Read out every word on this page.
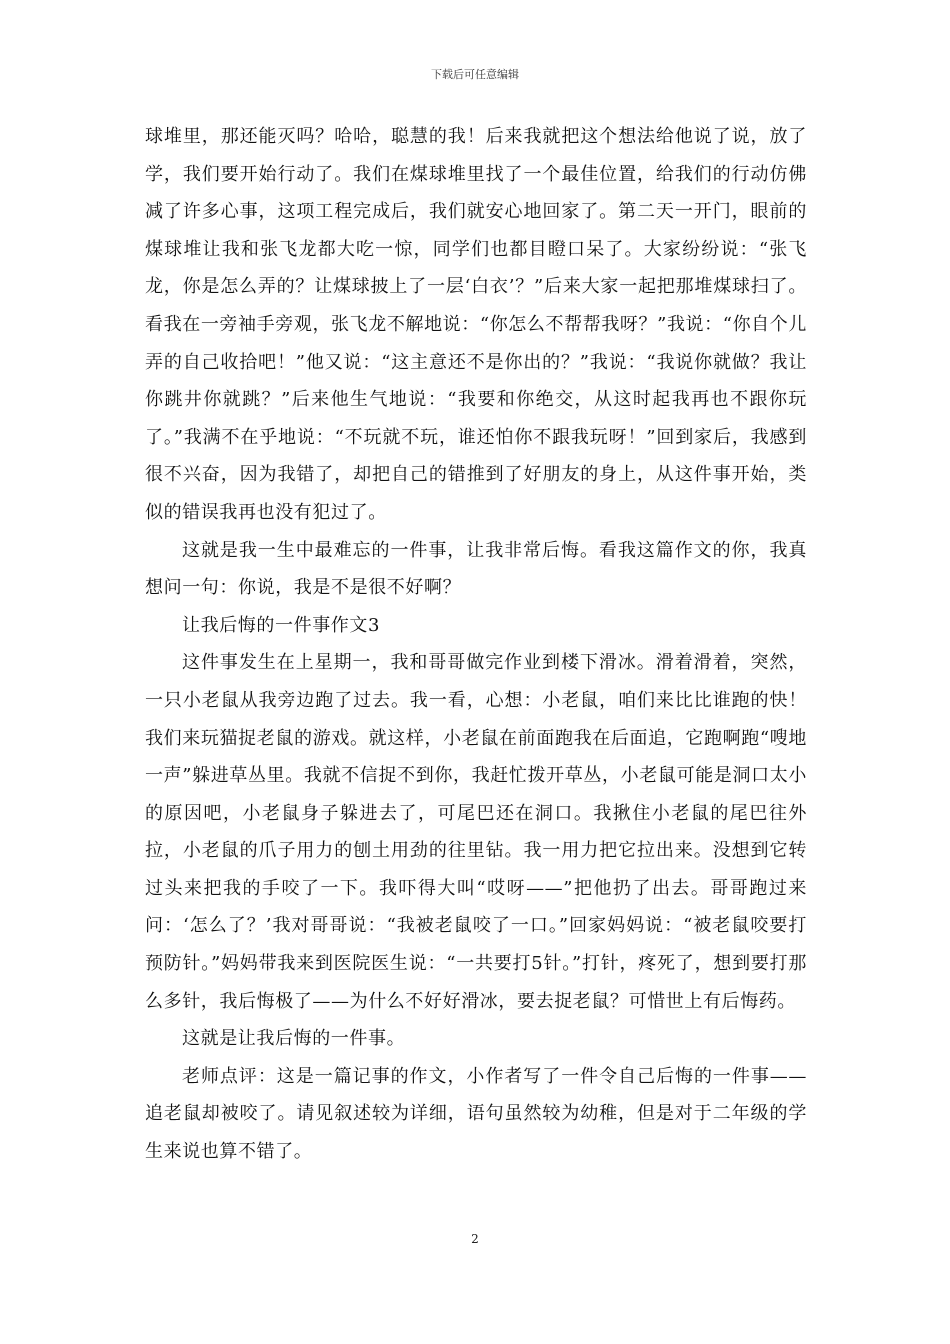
下载后可任意编辑

球堆里，那还能灭吗？哈哈，聪慧的我！后来我就把这个想法给他说了说，放了学，我们要开始行动了。我们在煤球堆里找了一个最佳位置，给我们的行动仿佛减了许多心事，这项工程完成后，我们就安心地回家了。第二天一开门，眼前的煤球堆让我和张飞龙都大吃一惊，同学们也都目瞪口呆了。大家纷纷说：“张飞龙，你是怎么弄的？让煤球披上了一层‘白衣’？”后来大家一起把那堆煤球扫了。看我在一旁袖手旁观，张飞龙不解地说：“你怎么不帮帮我呀？”我说：“你自个儿弄的自己收拾吧！”他又说：“这主意还不是你出的？”我说：“我说你就做？我让你跳井你就跳？”后来他生气地说：“我要和你绝交，从这时起我再也不跟你玩了。”我满不在乎地说：“不玩就不玩，谁还怕你不跟我玩呀！”回到家后，我感到很不兴奋，因为我错了，却把自己的错推到了好朋友的身上，从这件事开始，类似的错误我再也没有犯过了。

这就是我一生中最难忘的一件事，让我非常后悔。看我这篇作文的你，我真想问一句：你说，我是不是很不好啊？

让我后悔的一件事作文3

这件事发生在上星期一，我和哥哥做完作业到楼下滑冰。滑着滑着，突然，一只小老鼠从我旁边跑了过去。我一看，心想：小老鼠，咱们来比比谁跑的快！我们来玩猫捉老鼠的游戏。就这样，小老鼠在前面跑我在后面追，它跑啊跑“嗖地一声”躲进草丛里。我就不信捉不到你，我赶忙拨开草丛，小老鼠可能是洞口太小的原因吧，小老鼠身子躲进去了，可尾巴还在洞口。我揪住小老鼠的尾巴往外拉，小老鼠的爪子用力的刨土用劲的往里钻。我一用力把它拉出来。没想到它转过头来把我的手咬了一下。我吓得大叫“哎呀——”把他扔了出去。哥哥跑过来问：‘怎么了？’我对哥哥说：“我被老鼠咬了一口。”回家妈妈说：“被老鼠咬要打预防针。”妈妈带我来到医院医生说：“一共要打5针。”打针，疼死了，想到要打那么多针，我后悔极了——为什么不好好滑冰，要去捉老鼠？可惜世上有后悔药。

这就是让我后悔的一件事。

老师点评：这是一篇记事的作文，小作者写了一件令自己后悔的一件事——追老鼠却被咬了。请见叙述较为详细，语句虽然较为幼稚，但是对于二年级的学生来说也算不错了。

2
